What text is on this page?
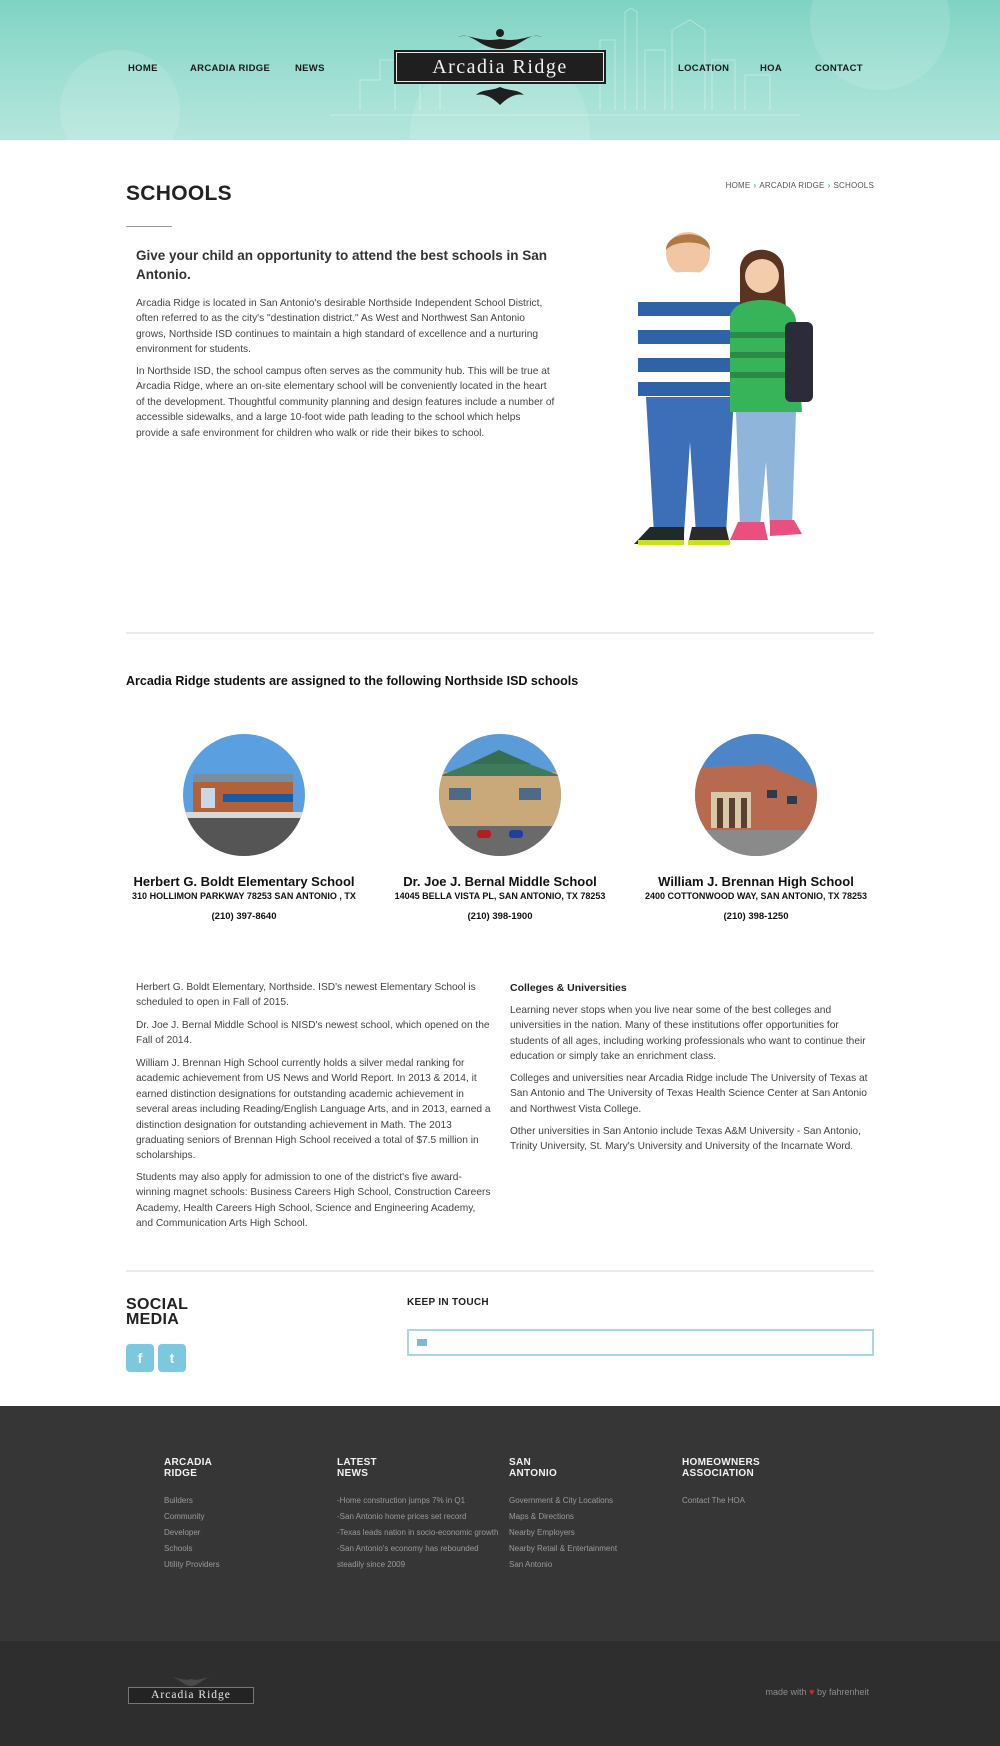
HOME	ARCADIA RIDGE	NEWS	LOCATION	HOA	CONTACT
Arcadia Ridge
SCHOOLS	HOME › ARCADIA RIDGE › SCHOOLS
Give your child an opportunity to attend the best schools in San Antonio.
Arcadia Ridge is located in San Antonio's desirable Northside Independent School District, often referred to as the city's "destination district." As West and Northwest San Antonio grows, Northside ISD continues to maintain a high standard of excellence and a nurturing environment for students.
In Northside ISD, the school campus often serves as the community hub. This will be true at Arcadia Ridge, where an on-site elementary school will be conveniently located in the heart of the development. Thoughtful community planning and design features include a number of accessible sidewalks, and a large 10-foot wide path leading to the school which helps provide a safe environment for children who walk or ride their bikes to school.
Arcadia Ridge students are assigned to the following Northside ISD schools
Herbert G. Boldt Elementary School
310 HOLLIMON PARKWAY 78253 SAN ANTONIO , TX
(210) 397-8640
Dr. Joe J. Bernal Middle School
14045 BELLA VISTA PL, SAN ANTONIO, TX 78253
(210) 398-1900
William J. Brennan High School
2400 COTTONWOOD WAY, SAN ANTONIO, TX 78253
(210) 398-1250
Herbert G. Boldt Elementary, Northside. ISD's newest Elementary School is scheduled to open in Fall of 2015.
Dr. Joe J. Bernal Middle School is NISD's newest school, which opened on the Fall of 2014.
William J. Brennan High School currently holds a silver medal ranking for academic achievement from US News and World Report. In 2013 & 2014, it earned distinction designations for outstanding academic achievement in several areas including Reading/English Language Arts, and in 2013, earned a distinction designation for outstanding achievement in Math. The 2013 graduating seniors of Brennan High School received a total of $7.5 million in scholarships.
Students may also apply for admission to one of the district's five award-winning magnet schools: Business Careers High School, Construction Careers Academy, Health Careers High School, Science and Engineering Academy, and Communication Arts High School.
Colleges & Universities
Learning never stops when you live near some of the best colleges and universities in the nation. Many of these institutions offer opportunities for students of all ages, including working professionals who want to continue their education or simply take an enrichment class.
Colleges and universities near Arcadia Ridge include The University of Texas at San Antonio and The University of Texas Health Science Center at San Antonio and Northwest Vista College.
Other universities in San Antonio include Texas A&M University - San Antonio, Trinity University, St. Mary's University and University of the Incarnate Word.
SOCIAL
MEDIA
f	t
KEEP IN TOUCH
ARCADIA
RIDGE
Builders
Community
Developer
Schools
Utility Providers
LATEST
NEWS
-Home construction jumps 7% in Q1
-San Antonio home prices set record
-Texas leads nation in socio-economic growth
-San Antonio's economy has rebounded steadily since 2009
SAN
ANTONIO
Government & City Locations
Maps & Directions
Nearby Employers
Nearby Retail & Entertainment
San Antonio
HOMEOWNERS
ASSOCIATION
Contact The HOA
Arcadia Ridge	made with ♥ by fahrenheit
